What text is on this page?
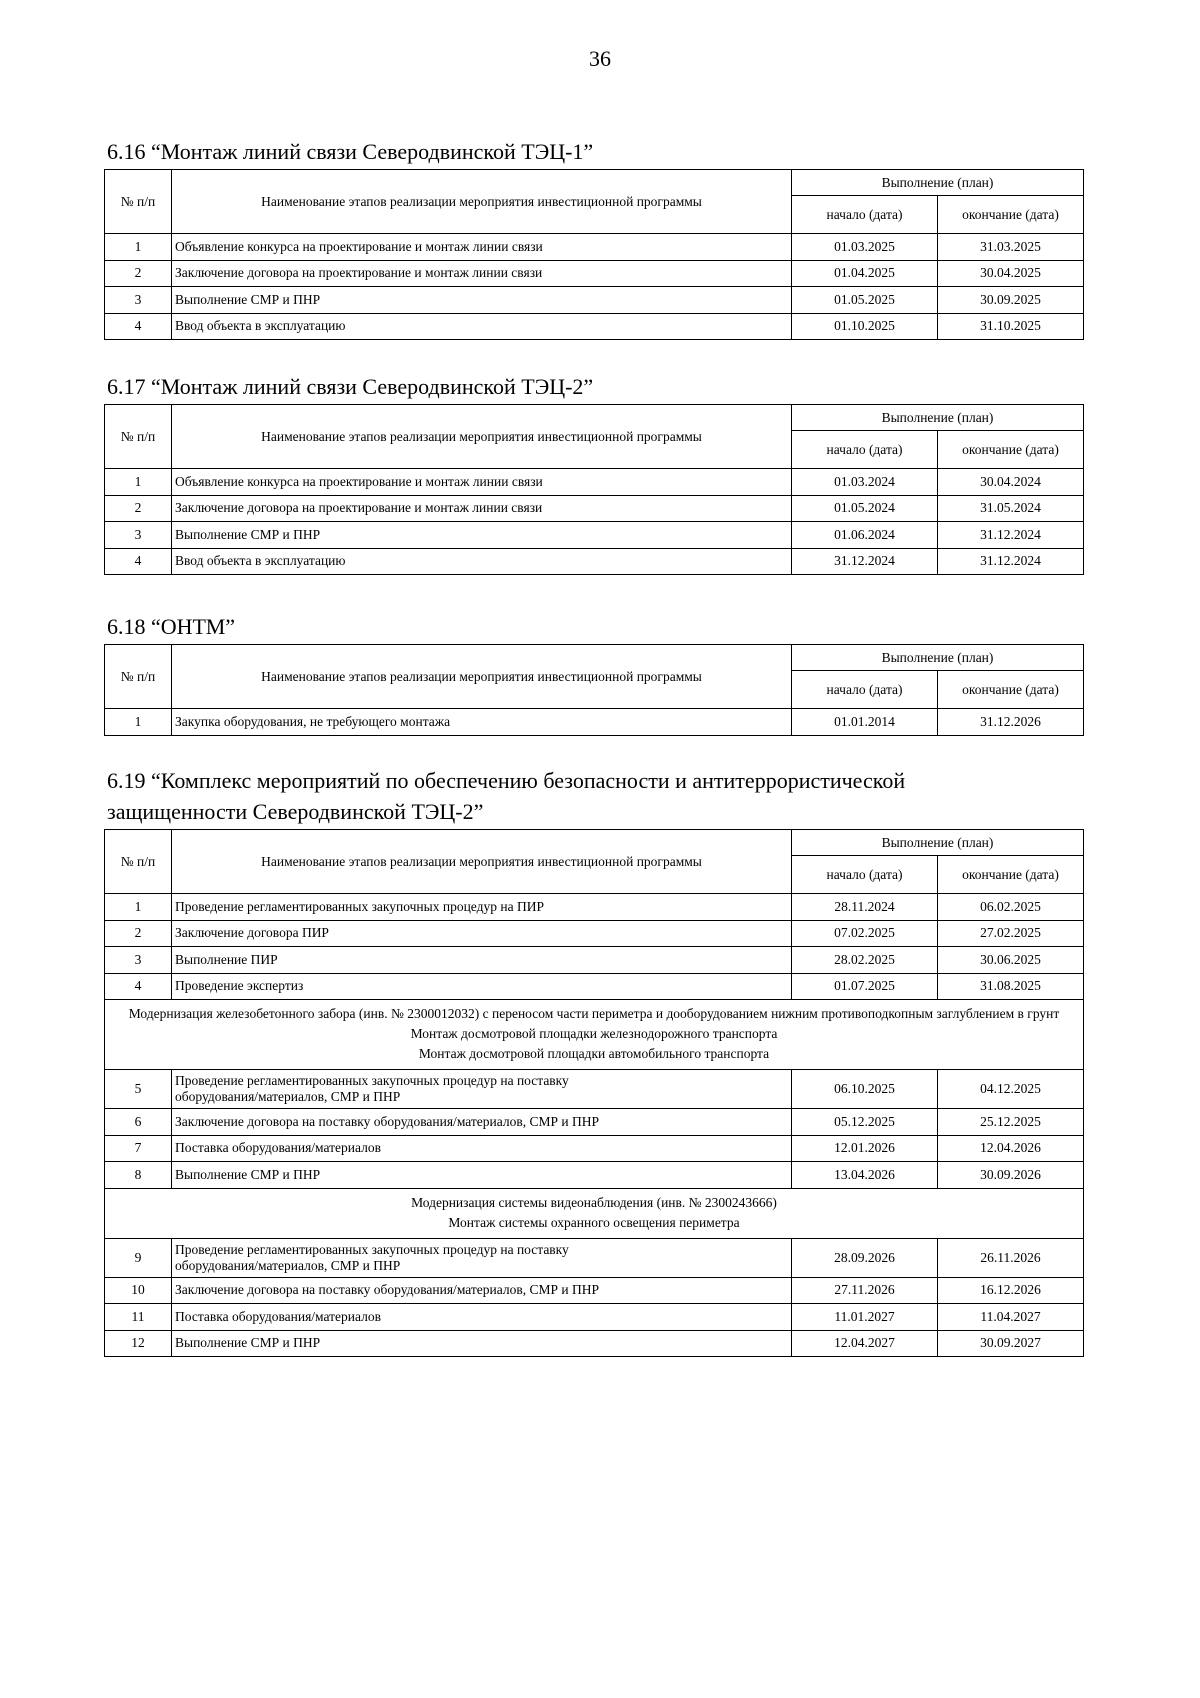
36
6.16 “Монтаж линий связи Северодвинской ТЭЦ-1”
№ п/п	Наименование этапов реализации мероприятия инвестиционной программы	Выполнение (план)	
		начало (дата)	окончание (дата)
1	Объявление конкурса на проектирование и монтаж линии связи	01.03.2025	31.03.2025
2	Заключение договора на проектирование и монтаж линии связи	01.04.2025	30.04.2025
3	Выполнение СМР и ПНР	01.05.2025	30.09.2025
4	Ввод объекта в эксплуатацию	01.10.2025	31.10.2025
6.17 “Монтаж линий связи Северодвинской ТЭЦ-2”
№ п/п	Наименование этапов реализации мероприятия инвестиционной программы	Выполнение (план)	
		начало (дата)	окончание (дата)
1	Объявление конкурса на проектирование и монтаж линии связи	01.03.2024	30.04.2024
2	Заключение договора на проектирование и монтаж линии связи	01.05.2024	31.05.2024
3	Выполнение СМР и ПНР	01.06.2024	31.12.2024
4	Ввод объекта в эксплуатацию	31.12.2024	31.12.2024
6.18 “ОНТМ”
№ п/п	Наименование этапов реализации мероприятия инвестиционной программы	Выполнение (план)	
		начало (дата)	окончание (дата)
1	Закупка оборудования, не требующего монтажа	01.01.2014	31.12.2026
6.19 “Комплекс мероприятий по обеспечению безопасности и антитеррористической
защищенности Северодвинской ТЭЦ-2”
№ п/п	Наименование этапов реализации мероприятия инвестиционной программы	Выполнение (план)	
		начало (дата)	окончание (дата)
1	Проведение регламентированных закупочных процедур на ПИР	28.11.2024	06.02.2025
2	Заключение договора ПИР	07.02.2025	27.02.2025
3	Выполнение ПИР	28.02.2025	30.06.2025
4	Проведение экспертиз	01.07.2025	31.08.2025

Модернизация железобетонного забора (инв. № 2300012032) с переносом части периметра и дооборудованием нижним противоподкопным заглублением в грунт
Монтаж досмотровой площадки железнодорожного транспорта
Монтаж досмотровой площадки автомобильного транспорта			

5	Проведение регламентированных закупочных процедур на поставку
оборудования/материалов, СМР и ПНР	06.10.2025	04.12.2025
6	Заключение договора на поставку оборудования/материалов, СМР и ПНР	05.12.2025	25.12.2025
7	Поставка оборудования/материалов	12.01.2026	12.04.2026
8	Выполнение СМР и ПНР	13.04.2026	30.09.2026

Модернизация системы видеонаблюдения (инв. № 2300243666)
Монтаж системы охранного освещения периметра			

9	Проведение регламентированных закупочных процедур на поставку
оборудования/материалов, СМР и ПНР	28.09.2026	26.11.2026
10	Заключение договора на поставку оборудования/материалов, СМР и ПНР	27.11.2026	16.12.2026
11	Поставка оборудования/материалов	11.01.2027	11.04.2027
12	Выполнение СМР и ПНР	12.04.2027	30.09.2027
